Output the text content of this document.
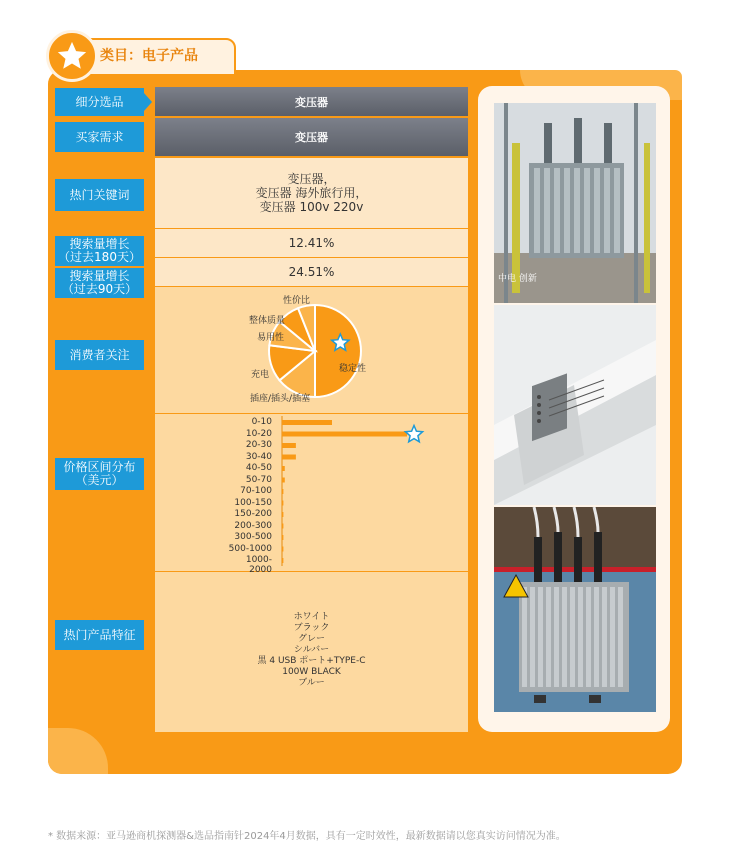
类目：电子产品
细分选品
买家需求
热门关键词
搜索量增长
（过去180天）
搜索量增长
（过去90天）
消费者关注
价格区间分布
（美元）
热门产品特征
变压器
变压器
变压器，
变压器 海外旅行用，
变压器 100v 220v
12.41%
24.51%
稳定性
插座/插头/插塞
充电
易用性
整体质量
性价比
0-10
10-20
20-30
30-40
40-50
50-70
70-100
100-150
150-200
200-300
300-500
500-1000
1000-2000
ホワイト
ブラック
グレー
シルバー
黒 4 USB ポート+TYPE-C
100W BLACK
ブルー
中电 创新
* 数据来源：亚马逊商机探测器&选品指南针2024年4月数据，具有一定时效性，最新数据请以您真实访问情况为准。
